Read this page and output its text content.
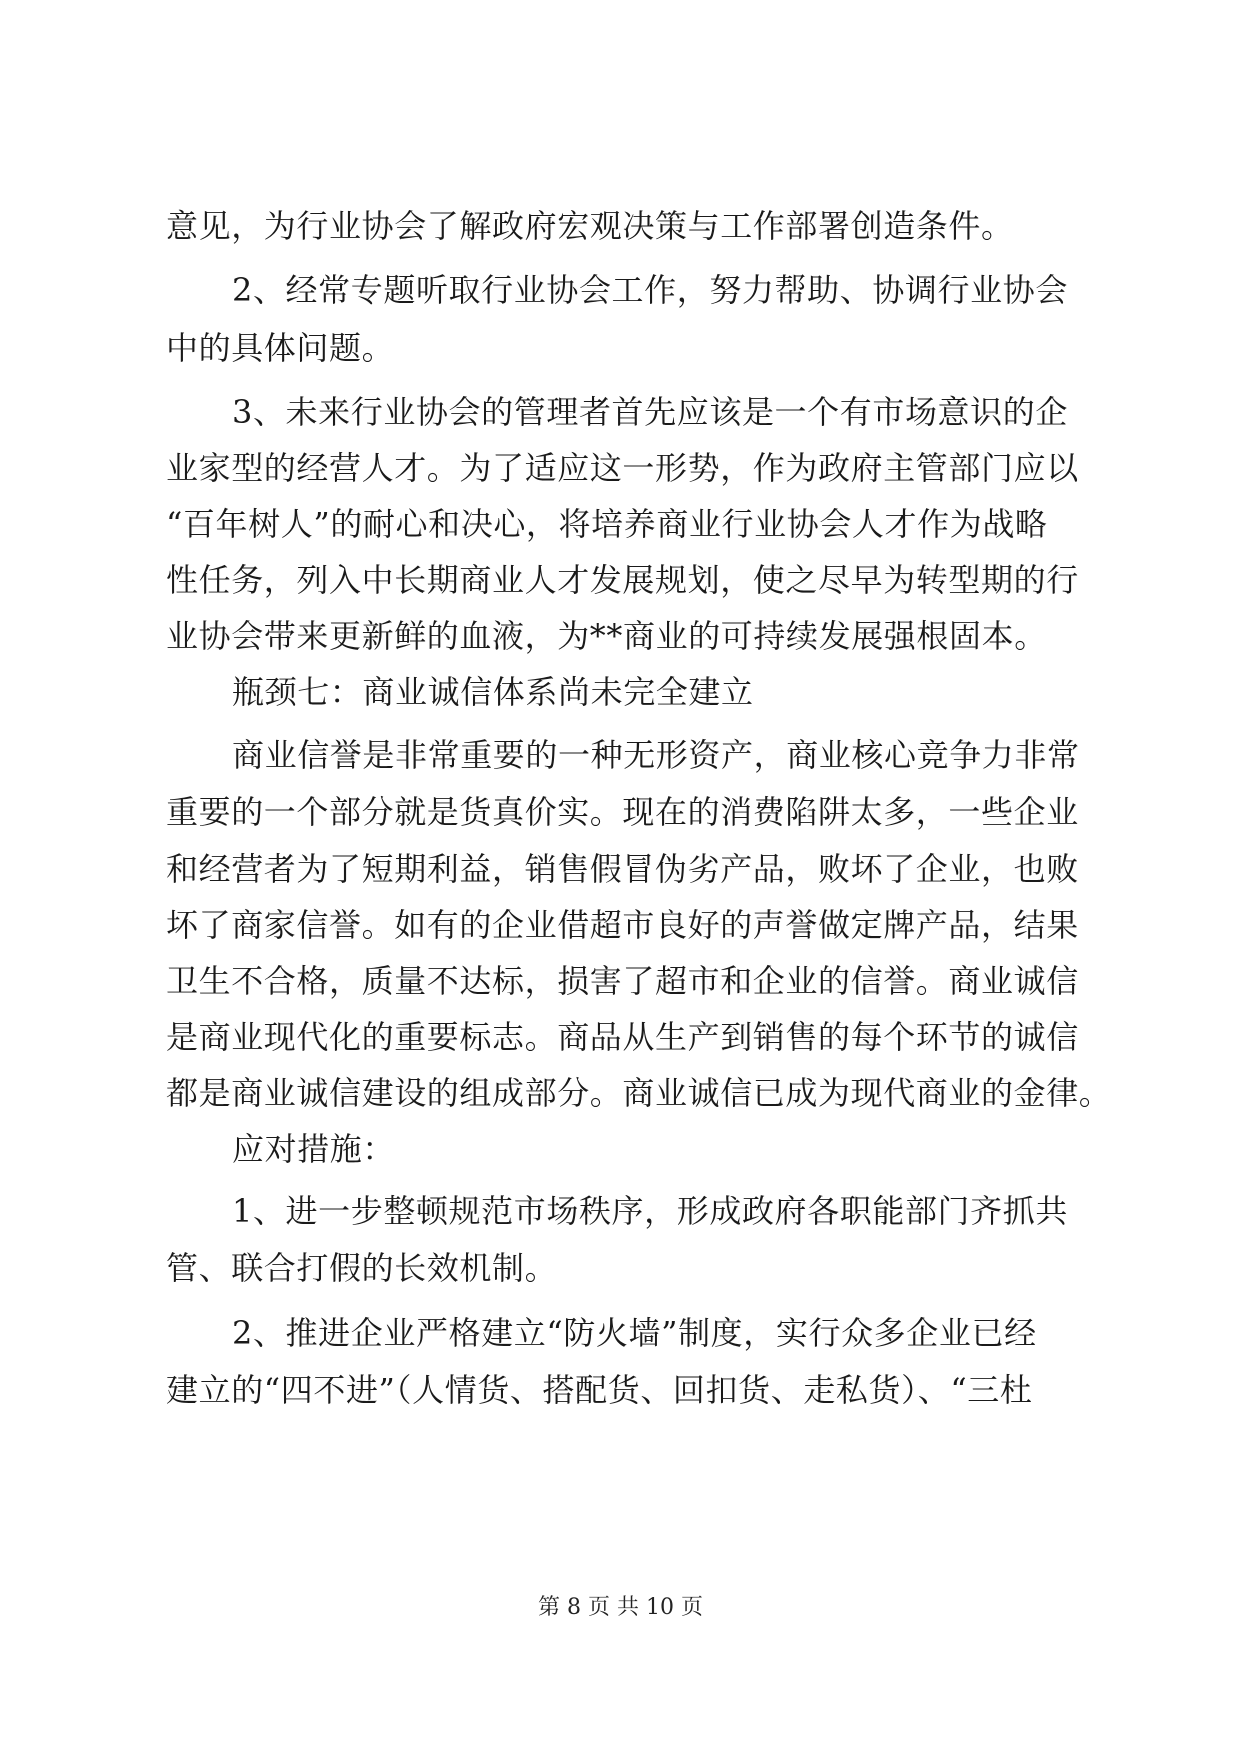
意见，为行业协会了解政府宏观决策与工作部署创造条件。
2、经常专题听取行业协会工作，努力帮助、协调行业协会
中的具体问题。
3、未来行业协会的管理者首先应该是一个有市场意识的企
业家型的经营人才。为了适应这一形势，作为政府主管部门应以
“百年树人”的耐心和决心，将培养商业行业协会人才作为战略
性任务，列入中长期商业人才发展规划，使之尽早为转型期的行
业协会带来更新鲜的血液，为**商业的可持续发展强根固本。
瓶颈七：商业诚信体系尚未完全建立
商业信誉是非常重要的一种无形资产，商业核心竞争力非常
重要的一个部分就是货真价实。现在的消费陷阱太多，一些企业
和经营者为了短期利益，销售假冒伪劣产品，败坏了企业，也败
坏了商家信誉。如有的企业借超市良好的声誉做定牌产品，结果
卫生不合格，质量不达标，损害了超市和企业的信誉。商业诚信
是商业现代化的重要标志。商品从生产到销售的每个环节的诚信
都是商业诚信建设的组成部分。商业诚信已成为现代商业的金律。
应对措施：
1、进一步整顿规范市场秩序，形成政府各职能部门齐抓共
管、联合打假的长效机制。
2、推进企业严格建立“防火墙”制度，实行众多企业已经
建立的“四不进”（人情货、搭配货、回扣货、走私货）、“三杜
第 8 页 共 10 页
